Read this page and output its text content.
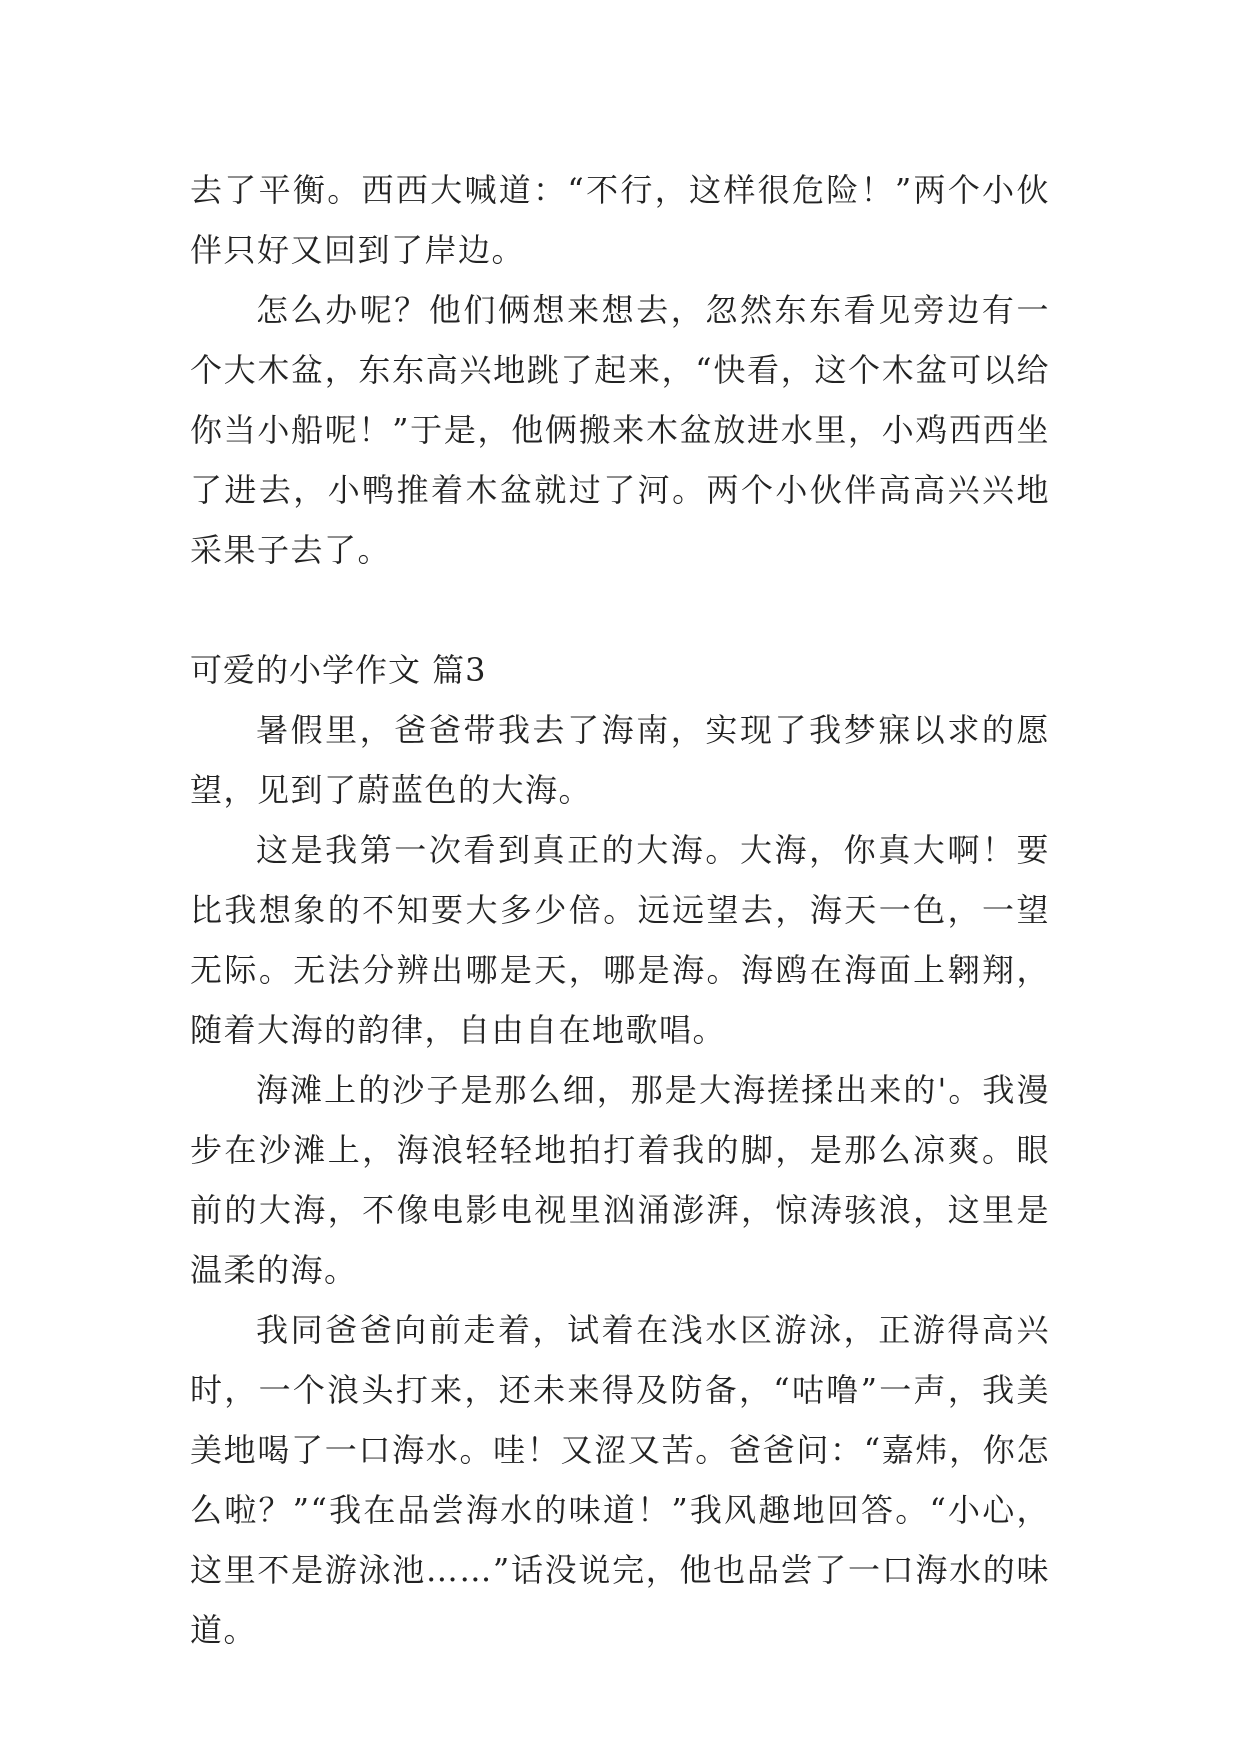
去了平衡。西西大喊道：“不行，这样很危险！”两个小伙伴只好又回到了岸边。

怎么办呢？他们俩想来想去，忽然东东看见旁边有一个大木盆，东东高兴地跳了起来，“快看，这个木盆可以给你当小船呢！”于是，他俩搬来木盆放进水里，小鸡西西坐了进去，小鸭推着木盆就过了河。两个小伙伴高高兴兴地采果子去了。

可爱的小学作文 篇3

暑假里，爸爸带我去了海南，实现了我梦寐以求的愿望，见到了蔚蓝色的大海。

这是我第一次看到真正的大海。大海，你真大啊！要比我想象的不知要大多少倍。远远望去，海天一色，一望无际。无法分辨出哪是天，哪是海。海鸥在海面上翱翔，随着大海的韵律，自由自在地歌唱。

海滩上的沙子是那么细，那是大海搓揉出来的'。我漫步在沙滩上，海浪轻轻地拍打着我的脚，是那么凉爽。眼前的大海，不像电影电视里汹涌澎湃，惊涛骇浪，这里是温柔的海。

我同爸爸向前走着，试着在浅水区游泳，正游得高兴时，一个浪头打来，还未来得及防备，“咕噜”一声，我美美地喝了一口海水。哇！又涩又苦。爸爸问：“嘉炜，你怎么啦？”“我在品尝海水的味道！”我风趣地回答。“小心，这里不是游泳池……”话没说完，他也品尝了一口海水的味道。
